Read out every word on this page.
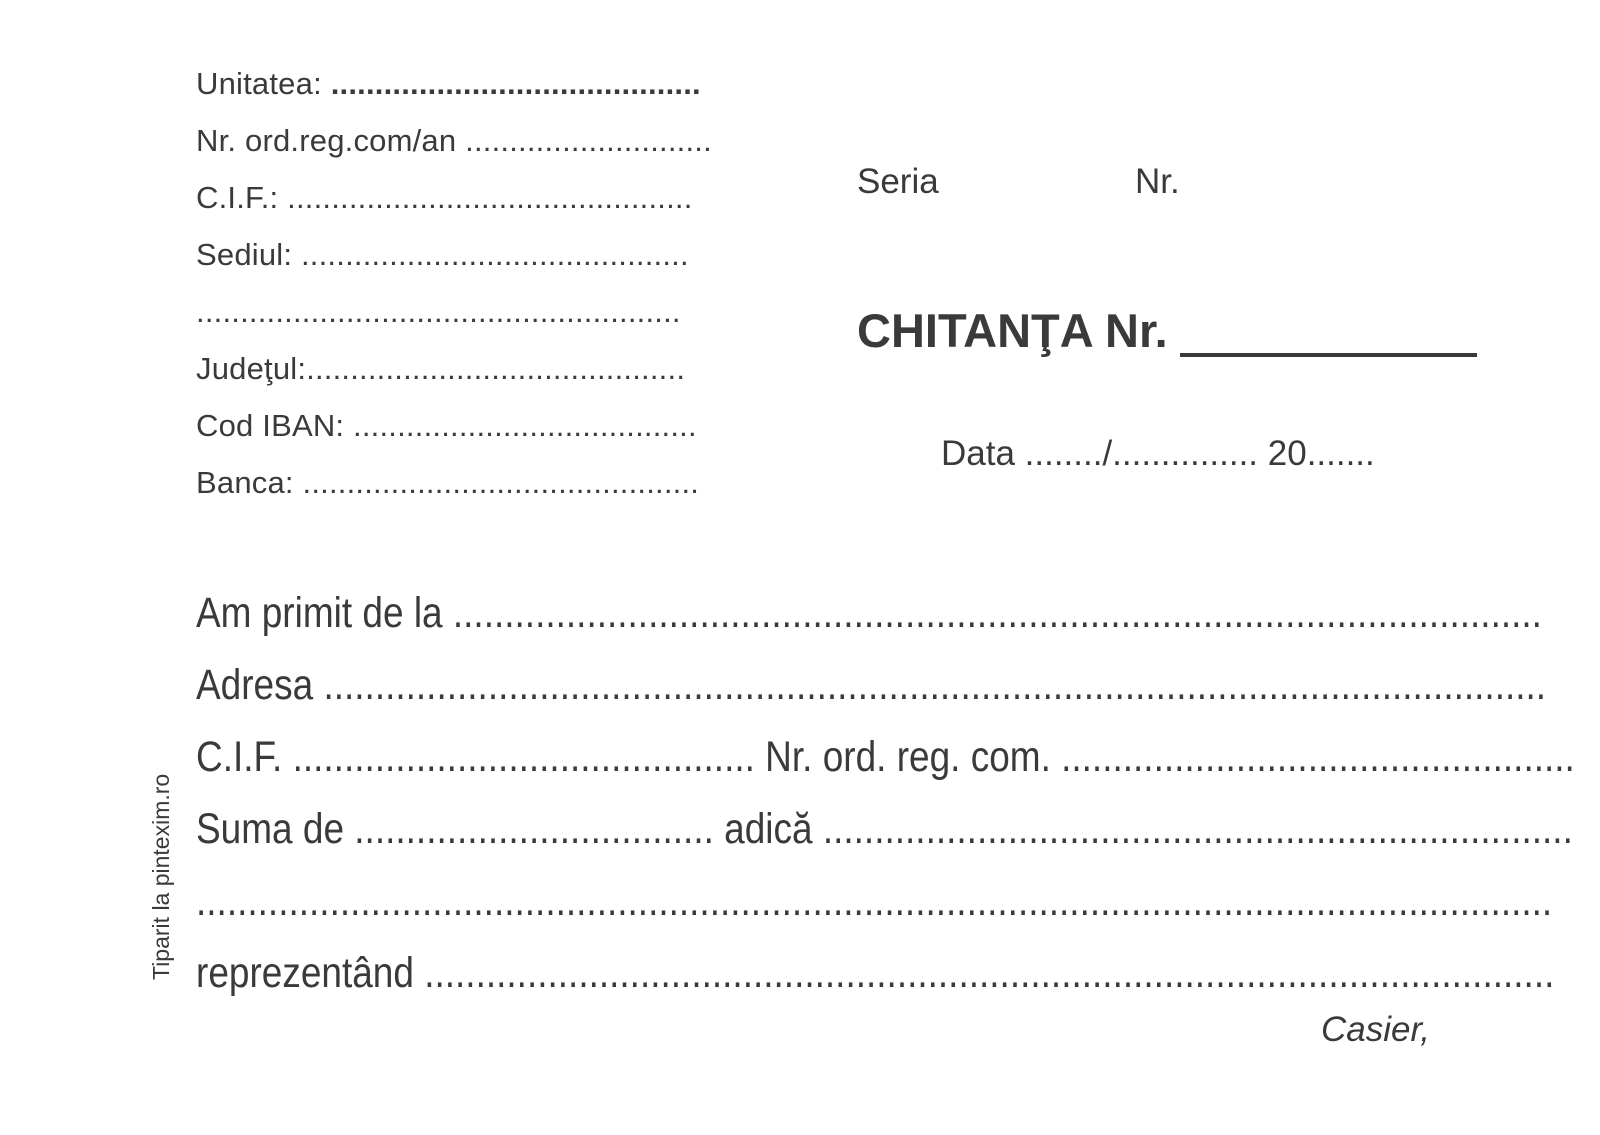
Unitatea: ..........................................
Nr. ord.reg.com/an ............................
C.I.F.: ..............................................
Sediul: ............................................
.......................................................
Judeţul:...........................................
Cod IBAN: .......................................
Banca: .............................................
Seria	Nr.
CHITANŢA Nr.
Data ......../............... 20.......
Tiparit la pintexim.ro
Am primit de la ..........................................................................................................
Adresa .......................................................................................................................
C.I.F. ............................................. Nr. ord. reg. com. ..................................................
Suma de ................................... adică .........................................................................
....................................................................................................................................
reprezentând ..............................................................................................................
Casier,
